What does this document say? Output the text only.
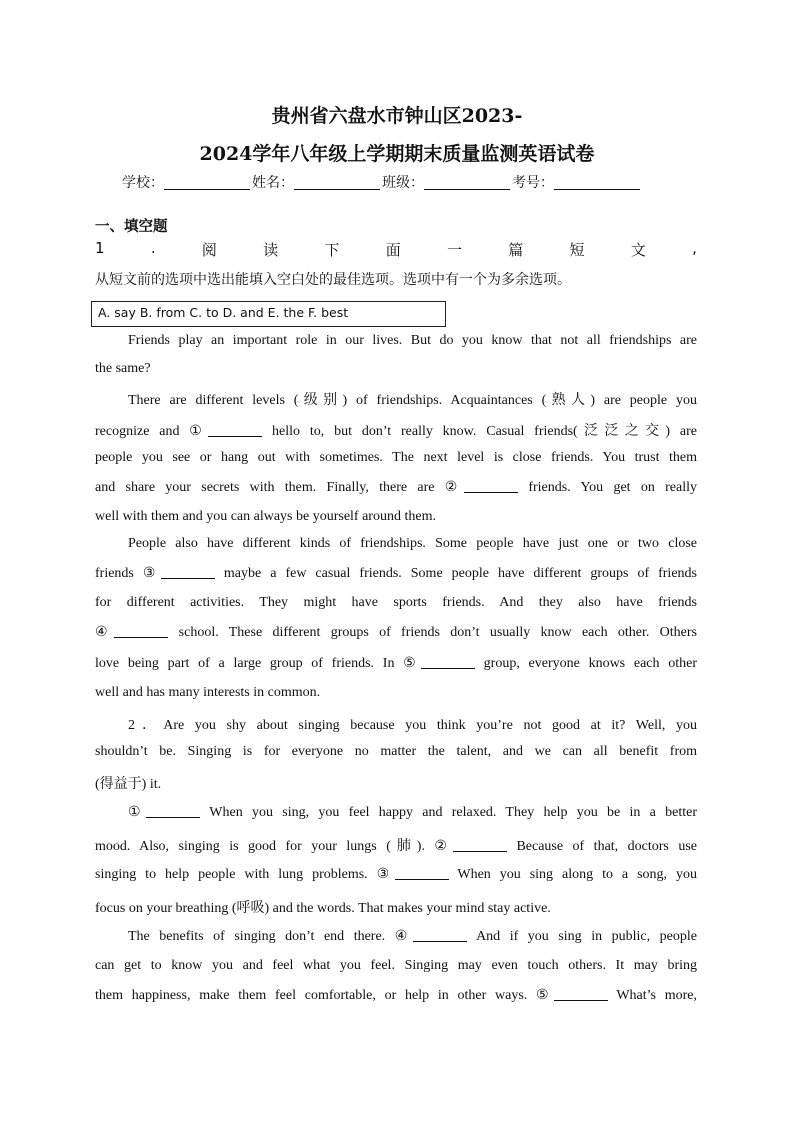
贵州省六盘水市钟山区2023-
2024学年八年级上学期期末质量监测英语试卷
学校：	姓名：	班级：	考号：
一、填空题
1	.	阅	读	下	面	一	篇	短	文	,
从短文前的选项中选出能填入空白处的最佳选项。选项中有一个为多余选项。
A. say B. from C. to D. and E. the F. best
Friends play an important role in our lives. But do you know that not all friendships are
the same?
There are different levels (级别) of friendships. Acquaintances (熟人) are people you
recognize and ①	hello to, but don’t really know. Casual friends(泛泛之交) are
people you see or hang out with sometimes. The next level is close friends. You trust them
and share your secrets with them. Finally, there are ②	friends. You get on really
well with them and you can always be yourself around them.
People also have different kinds of friendships. Some people have just one or two close
friends ③	maybe a few casual friends. Some people have different groups of friends
for different activities. They might have sports friends. And they also have friends
④	school. These different groups of friends don’t usually know each other. Others
love being part of a large group of friends. In ⑤	group, everyone knows each other
well and has many interests in common.
2．Are you shy about singing because you think you’re not good at it? Well, you
shouldn’t be. Singing is for everyone no matter the talent, and we can all benefit from
(得益于) it.
①	When you sing, you feel happy and relaxed. They help you be in a better
mood. Also, singing is good for your lungs (肺). ②	Because of that, doctors use
singing to help people with lung problems. ③	When you sing along to a song, you
focus on your breathing (呼吸) and the words. That makes your mind stay active.
The benefits of singing don’t end there. ④	And if you sing in public, people
can get to know you and feel what you feel. Singing may even touch others. It may bring
them happiness, make them feel comfortable, or help in other ways. ⑤	What’s more,
